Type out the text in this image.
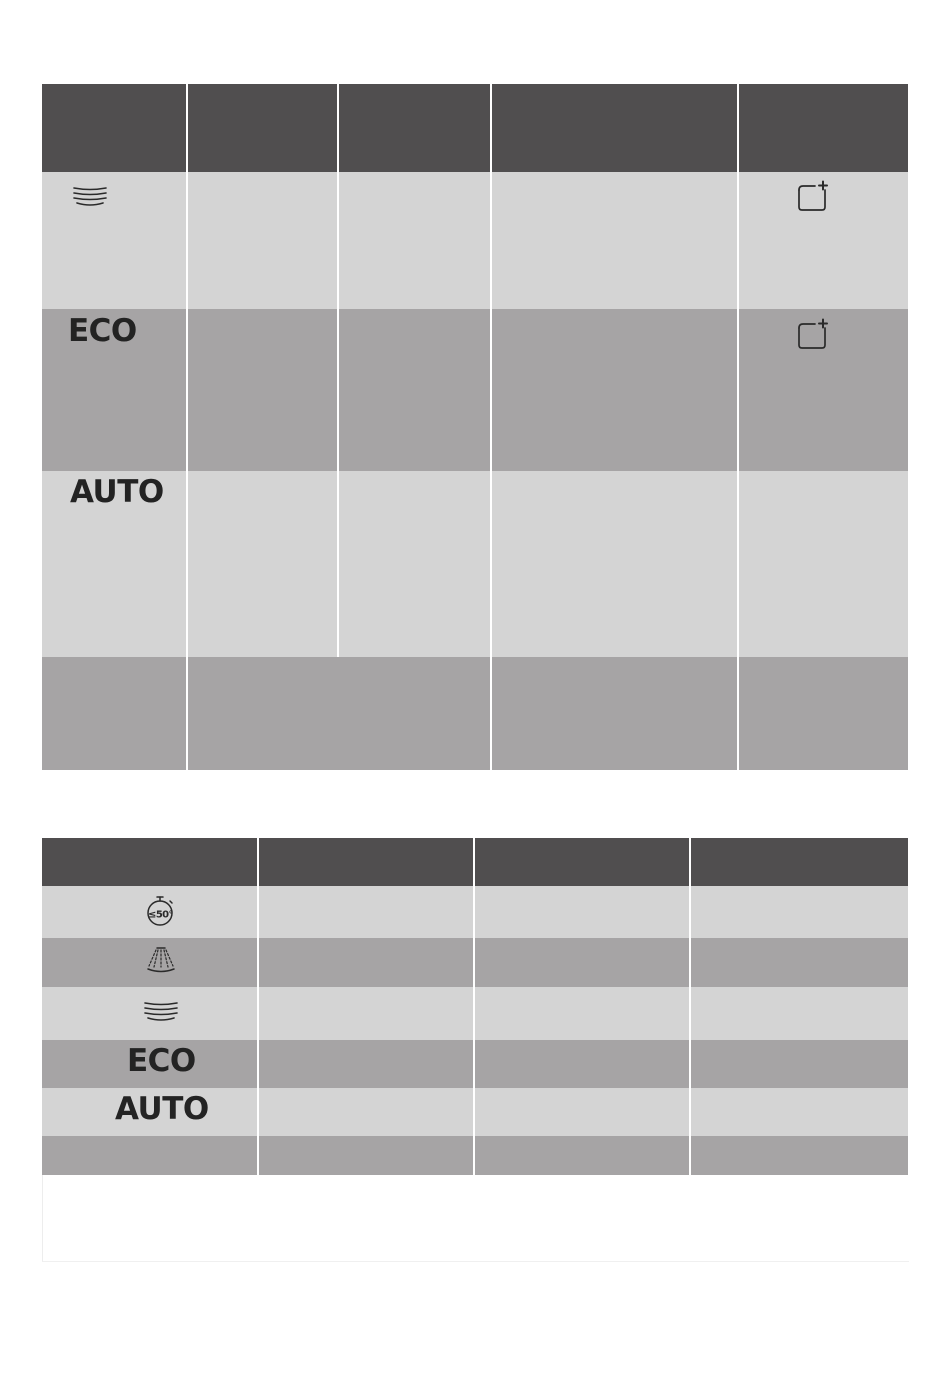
ECO
AUTO
≤50°
ECO
AUTO
